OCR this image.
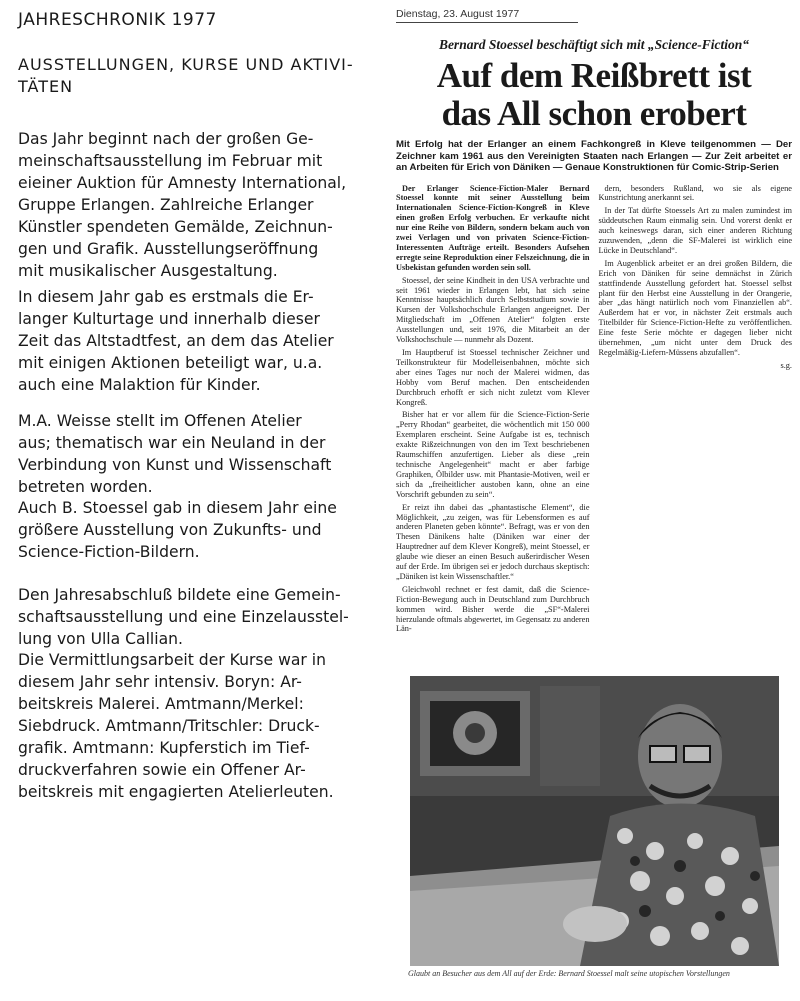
JAHRESCHRONIK 1977

AUSSTELLUNGEN, KURSE UND AKTIVI-

TÄTEN

Das Jahr beginnt nach der großen Ge-
meinschaftsausstellung im Februar mit
eieiner Auktion für Amnesty International,
Gruppe Erlangen. Zahlreiche Erlanger
Künstler spendeten Gemälde, Zeichnun-
gen und Grafik. Ausstellungseröffnung
mit musikalischer Ausgestaltung.
In diesem Jahr gab es erstmals die Er-
langer Kulturtage und innerhalb dieser
Zeit das Altstadtfest, an dem das Atelier
mit einigen Aktionen beteiligt war, u.a.
auch eine Malaktion für Kinder.
M.A. Weisse stellt im Offenen Atelier
aus; thematisch war ein Neuland in der
Verbindung von Kunst und Wissenschaft
betreten worden.
Auch B. Stoessel gab in diesem Jahr eine
größere Ausstellung von Zukunfts- und
Science-Fiction-Bildern.
Den Jahresabschluß bildete eine Gemein-
schaftsausstellung und eine Einzelausstel-
lung von Ulla Callian.
Die Vermittlungsarbeit der Kurse war in
diesem Jahr sehr intensiv. Boryn: Ar-
beitskreis Malerei. Amtmann/Merkel:
Siebdruck. Amtmann/Tritschler: Druck-
grafik. Amtmann: Kupferstich im Tief-
druckverfahren sowie ein Offener Ar-
beitskreis mit engagierten Atelierleuten.
Dienstag, 23. August 1977
Bernard Stoessel beschäftigt sich mit „Science-Fiction“
Auf dem Reißbrett ist
das All schon erobert
Mit Erfolg hat der Erlanger an einem Fachkongreß in Kleve teilgenommen — Der Zeichner kam 1961 aus den Vereinigten Staaten nach Erlangen — Zur Zeit arbeitet er an Arbeiten für Erich von Däniken — Genaue Konstruktionen für Comic-Strip-Serien

Der Erlanger Science-Fiction-Maler Bernard Stoessel konnte mit seiner Ausstellung beim Internationalen Science-Fiction-Kongreß in Kleve einen großen Erfolg verbuchen. Er verkaufte nicht nur eine Reihe von Bildern, sondern bekam auch von zwei Verlagen und von privaten Science-Fiction-Interessenten Aufträge erteilt. Besonders Aufsehen erregte seine Reproduktion einer Felszeichnung, die in Usbekistan gefunden worden sein soll.

Stoessel, der seine Kindheit in den USA verbrachte und seit 1961 wieder in Erlangen lebt, hat sich seine Kenntnisse hauptsächlich durch Selbststudium sowie in Kursen der Volkshochschule Erlangen angeeignet. Der Mitgliedschaft im „Offenen Atelier“ folgten erste Ausstellungen und, seit 1976, die Mitarbeit an der Volkshochschule — nunmehr als Dozent.

Im Hauptberuf ist Stoessel technischer Zeichner und Teilkonstrukteur für Modelleisenbahnen, möchte sich aber eines Tages nur noch der Malerei widmen, das Hobby vom Beruf machen. Den entscheidenden Durchbruch erhofft er sich nicht zuletzt vom Klever Kongreß.

Bisher hat er vor allem für die Science-Fiction-Serie „Perry Rhodan“ gearbeitet, die wöchentlich mit 150 000 Exemplaren erscheint. Seine Aufgabe ist es, technisch exakte Rißzeichnungen von den im Text beschriebenen Raumschiffen anzufertigen. Lieber als diese „rein technische Angelegenheit“ macht er aber farbige Graphiken, Ölbilder usw. mit Phantasie-Motiven, weil er sich da „freiheitlicher austoben kann, ohne an eine Vorschrift gebunden zu sein“.

Er reizt ihn dabei das „phantastische Element“, die Möglichkeit, „zu zeigen, was für Lebensformen es auf anderen Planeten geben könnte“. Befragt, was er von den Thesen Dänikens halte (Däniken war einer der Hauptredner auf dem Klever Kongreß), meint Stoessel, er glaube wie dieser an einen Besuch außerirdischer Wesen auf der Erde. Im übrigen sei er jedoch durchaus skeptisch: „Däniken ist kein Wissenschaftler.“

Gleichwohl rechnet er fest damit, daß die Science-Fiction-Bewegung auch in Deutschland zum Durchbruch kommen wird. Bisher werde die „SF“-Malerei hierzulande oftmals abgewertet, im Gegensatz zu anderen Län-

dern, besonders Rußland, wo sie als eigene Kunstrichtung anerkannt sei.

In der Tat dürfte Stoessels Art zu malen zumindest im süddeutschen Raum einmalig sein. Und vorerst denkt er auch keineswegs daran, sich einer anderen Richtung zuzuwenden, „denn die SF-Malerei ist wirklich eine Lücke in Deutschland“.

Im Augenblick arbeitet er an drei großen Bildern, die Erich von Däniken für seine demnächst in Zürich stattfindende Ausstellung gefordert hat. Stoessel selbst plant für den Herbst eine Ausstellung in der Orangerie, aber „das hängt natürlich noch vom Finanziellen ab“. Außerdem hat er vor, in nächster Zeit erstmals auch Titelbilder für Science-Fiction-Hefte zu veröffentlichen. Eine feste Serie möchte er dagegen lieber nicht übernehmen, „um nicht unter dem Druck des Regelmäßig-Liefern-Müssens abzufallen“.

s.g.
Glaubt an Besucher aus dem All auf der Erde: Bernard Stoessel malt seine utopischen Vorstellungen
